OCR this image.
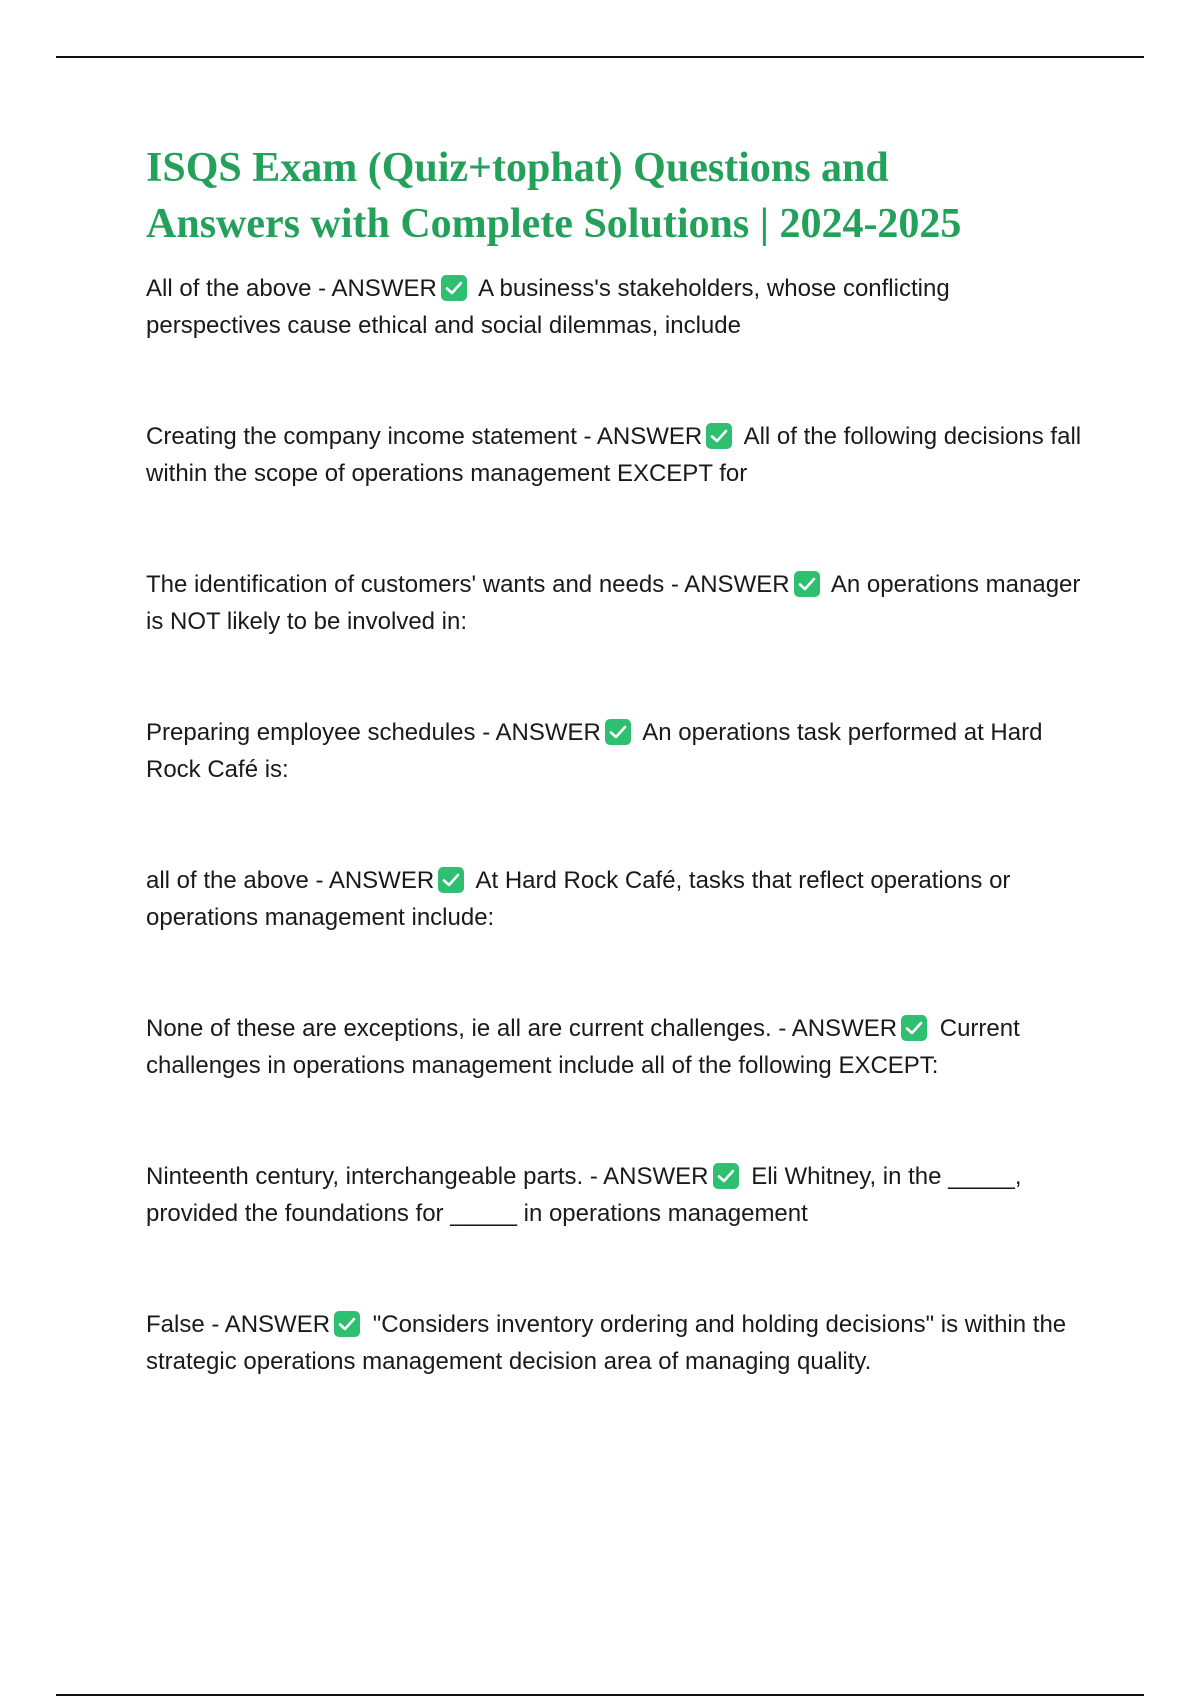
ISQS Exam (Quiz+tophat) Questions and
Answers with Complete Solutions | 2024-2025

All of the above - ANSWER A business's stakeholders, whose conflicting perspectives cause ethical and social dilemmas, include

Creating the company income statement - ANSWER All of the following decisions fall within the scope of operations management EXCEPT for

The identification of customers' wants and needs - ANSWER An operations manager is NOT likely to be involved in:

Preparing employee schedules - ANSWER An operations task performed at Hard Rock Café is:

all of the above - ANSWER At Hard Rock Café, tasks that reflect operations or operations management include:

None of these are exceptions, ie all are current challenges. - ANSWER Current challenges in operations management include all of the following EXCEPT:

Ninteenth century, interchangeable parts. - ANSWER Eli Whitney, in the _____, provided the foundations for _____ in operations management

False - ANSWER "Considers inventory ordering and holding decisions" is within the strategic operations management decision area of managing quality.
